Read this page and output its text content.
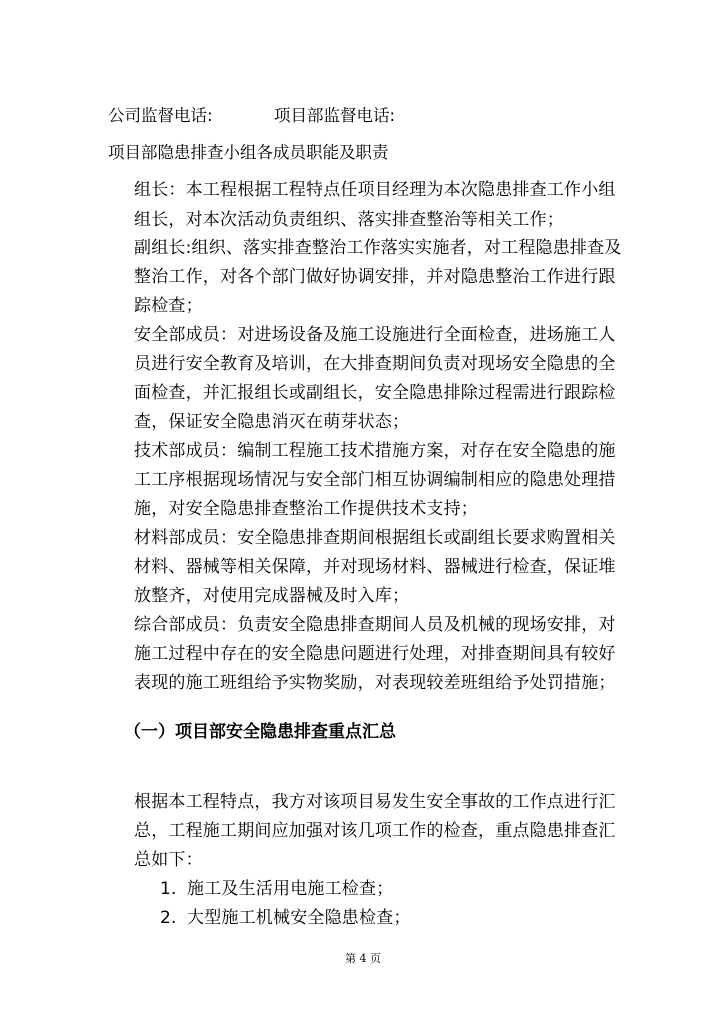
公司监督电话:	项目部监督电话:
项目部隐患排查小组各成员职能及职责
组长：本工程根据工程特点任项目经理为本次隐患排查工作小组
组长，对本次活动负责组织、落实排查整治等相关工作；
副组长:组织、落实排查整治工作落实实施者，对工程隐患排查及
整治工作，对各个部门做好协调安排，并对隐患整治工作进行跟
踪检查；
安全部成员：对进场设备及施工设施进行全面检查，进场施工人
员进行安全教育及培训，在大排查期间负责对现场安全隐患的全
面检查，并汇报组长或副组长，安全隐患排除过程需进行跟踪检
查，保证安全隐患消灭在萌芽状态；
技术部成员：编制工程施工技术措施方案，对存在安全隐患的施
工工序根据现场情况与安全部门相互协调编制相应的隐患处理措
施，对安全隐患排查整治工作提供技术支持；
材料部成员：安全隐患排查期间根据组长或副组长要求购置相关
材料、器械等相关保障，并对现场材料、器械进行检查，保证堆
放整齐，对使用完成器械及时入库；
综合部成员：负责安全隐患排查期间人员及机械的现场安排，对
施工过程中存在的安全隐患问题进行处理，对排查期间具有较好
表现的施工班组给予实物奖励，对表现较差班组给予处罚措施；
（一）项目部安全隐患排查重点汇总
根据本工程特点，我方对该项目易发生安全事故的工作点进行汇
总，工程施工期间应加强对该几项工作的检查，重点隐患排查汇
总如下：
1. 施工及生活用电施工检查；
2. 大型施工机械安全隐患检查；
第 4 页
